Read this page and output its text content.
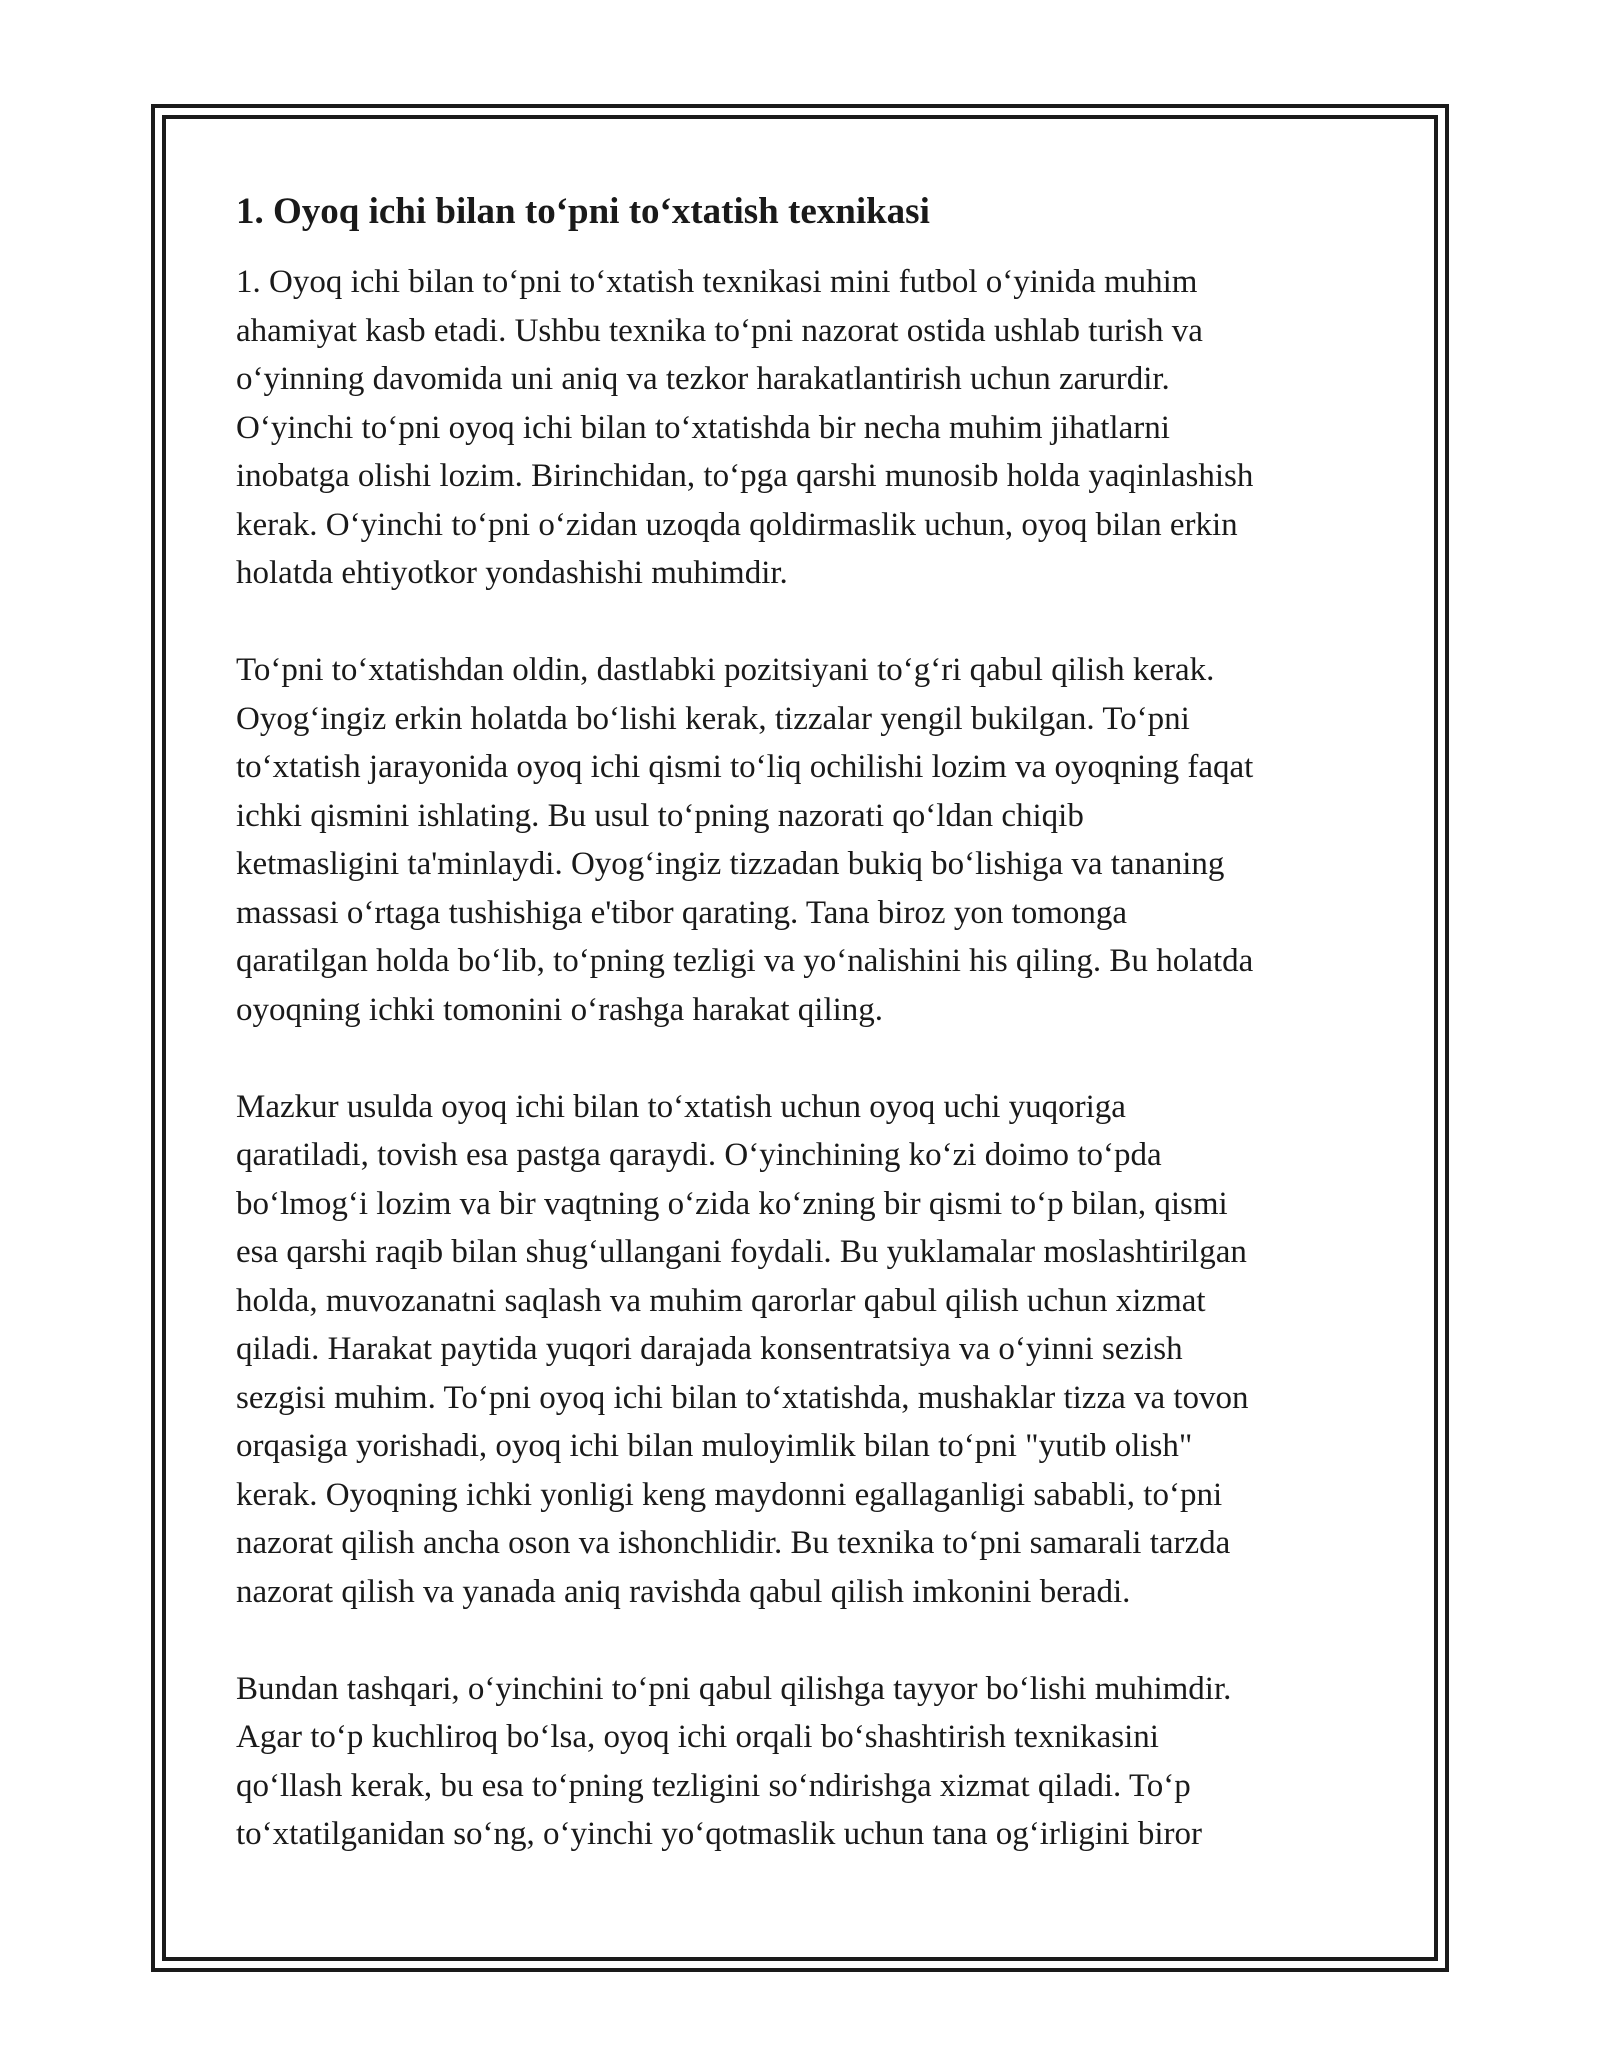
1. Oyoq ichi bilan to‘pni to‘xtatish texnikasi

1. Oyoq ichi bilan to‘pni to‘xtatish texnikasi mini futbol o‘yinida muhim
ahamiyat kasb etadi. Ushbu texnika to‘pni nazorat ostida ushlab turish va
o‘yinning davomida uni aniq va tezkor harakatlantirish uchun zarurdir.
O‘yinchi to‘pni oyoq ichi bilan to‘xtatishda bir necha muhim jihatlarni
inobatga olishi lozim. Birinchidan, to‘pga qarshi munosib holda yaqinlashish
kerak. O‘yinchi to‘pni o‘zidan uzoqda qoldirmaslik uchun, oyoq bilan erkin
holatda ehtiyotkor yondashishi muhimdir.

To‘pni to‘xtatishdan oldin, dastlabki pozitsiyani to‘g‘ri qabul qilish kerak.
Oyog‘ingiz erkin holatda bo‘lishi kerak, tizzalar yengil bukilgan. To‘pni
to‘xtatish jarayonida oyoq ichi qismi to‘liq ochilishi lozim va oyoqning faqat
ichki qismini ishlating. Bu usul to‘pning nazorati qo‘ldan chiqib
ketmasligini ta'minlaydi. Oyog‘ingiz tizzadan bukiq bo‘lishiga va tananing
massasi o‘rtaga tushishiga e'tibor qarating. Tana biroz yon tomonga
qaratilgan holda bo‘lib, to‘pning tezligi va yo‘nalishini his qiling. Bu holatda
oyoqning ichki tomonini o‘rashga harakat qiling.

Mazkur usulda oyoq ichi bilan to‘xtatish uchun oyoq uchi yuqoriga
qaratiladi, tovish esa pastga qaraydi. O‘yinchining ko‘zi doimo to‘pda
bo‘lmog‘i lozim va bir vaqtning o‘zida ko‘zning bir qismi to‘p bilan, qismi
esa qarshi raqib bilan shug‘ullangani foydali. Bu yuklamalar moslashtirilgan
holda, muvozanatni saqlash va muhim qarorlar qabul qilish uchun xizmat
qiladi. Harakat paytida yuqori darajada konsentratsiya va o‘yinni sezish
sezgisi muhim. To‘pni oyoq ichi bilan to‘xtatishda, mushaklar tizza va tovon
orqasiga yorishadi, oyoq ichi bilan muloyimlik bilan to‘pni "yutib olish"
kerak. Oyoqning ichki yonligi keng maydonni egallaganligi sababli, to‘pni
nazorat qilish ancha oson va ishonchlidir. Bu texnika to‘pni samarali tarzda
nazorat qilish va yanada aniq ravishda qabul qilish imkonini beradi.

Bundan tashqari, o‘yinchini to‘pni qabul qilishga tayyor bo‘lishi muhimdir.
Agar to‘p kuchliroq bo‘lsa, oyoq ichi orqali bo‘shashtirish texnikasini
qo‘llash kerak, bu esa to‘pning tezligini so‘ndirishga xizmat qiladi. To‘p
to‘xtatilganidan so‘ng, o‘yinchi yo‘qotmaslik uchun tana og‘irligini biror
